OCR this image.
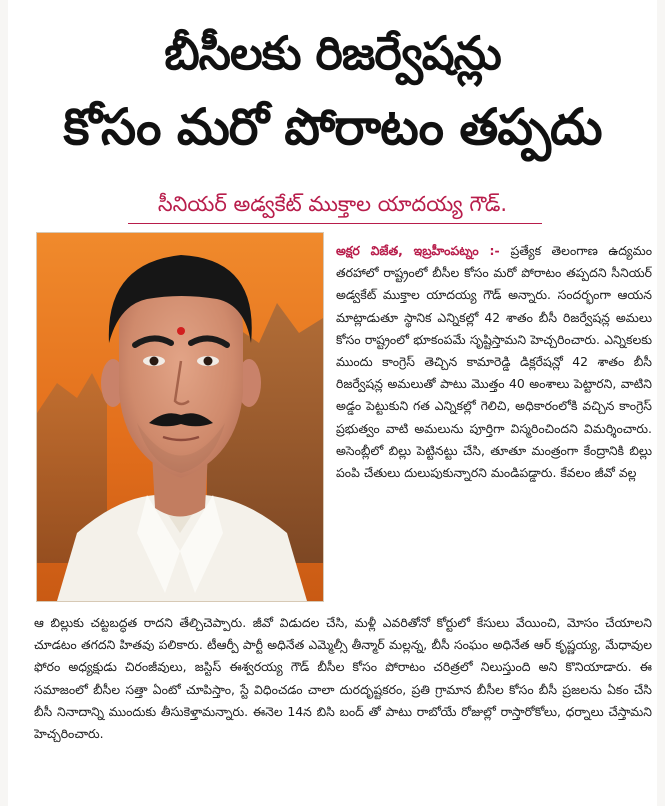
బీసీలకు రిజర్వేషన్లు
కోసం మరో పోరాటం తప్పదు
సీనియర్ అడ్వకేట్ ముక్తాల యాదయ్య గౌడ్.
అక్షర విజేత, ఇబ్రహీంపట్నం :- ప్రత్యేక తెలంగాణ ఉద్యమం తరహాలో రాష్ట్రంలో బీసీల కోసం మరో పోరాటం తప్పదని సీనియర్ అడ్వకేట్ ముక్తాల యాదయ్య గౌడ్ అన్నారు. సందర్భంగా ఆయన మాట్లాడుతూ స్థానిక ఎన్నికల్లో 42 శాతం బీసీ రిజర్వేషన్ల అమలు కోసం రాష్ట్రంలో భూకంపమే సృష్టిస్తామని హెచ్చరించారు. ఎన్నికలకు ముందు కాంగ్రెస్ తెచ్చిన కామారెడ్డి డిక్లరేషన్లో 42 శాతం బీసీ రిజర్వేషన్ల అమలుతో పాటు మొత్తం 40 అంశాలు పెట్టారని, వాటిని అడ్డం పెట్టుకుని గత ఎన్నికల్లో గెలిచి, అధికారంలోకి వచ్చిన కాంగ్రెస్ ప్రభుత్వం వాటి అమలును పూర్తిగా విస్మరించిందని విమర్శించారు. అసెంబ్లీలో బిల్లు పెట్టినట్టు చేసి, తూతూ మంత్రంగా కేంద్రానికి బిల్లు పంపి చేతులు దులుపుకున్నారని మండిపడ్డారు. కేవలం జీవో వల్ల
ఆ బిల్లుకు చట్టబద్ధత రాదని తేల్చిచెప్పారు. జీవో విడుదల చేసి, మళ్లీ ఎవరితోనో కోర్టులో కేసులు వేయించి, మోసం చేయాలని చూడటం తగదని హితవు పలికారు. టీఆర్పీ పార్టీ అధినేత ఎమ్మెల్సీ తీన్మార్ మల్లన్న, బీసీ సంఘం అధినేత ఆర్ కృష్ణయ్య, మేధావుల ఫోరం అధ్యక్షుడు చిరంజీవులు, జస్టిస్ ఈశ్వరయ్య గౌడ్ బీసీల కోసం పోరాటం చరిత్రలో నిలుస్తుంది అని కొనియాడారు. ఈ సమాజంలో బీసీల సత్తా ఏంటో చూపిస్తాం, స్టే విధించడం చాలా దురదృష్టకరం, ప్రతి గ్రామాన బీసీల కోసం బీసీ ప్రజలను ఏకం చేసి బీసీ నినాదాన్ని ముందుకు తీసుకెళ్తామన్నారు. ఈనెల 14న బిసి బంద్ తో పాటు రాబోయే రోజుల్లో రాస్తారోకోలు, ధర్నాలు చేస్తామని హెచ్చరించారు.
